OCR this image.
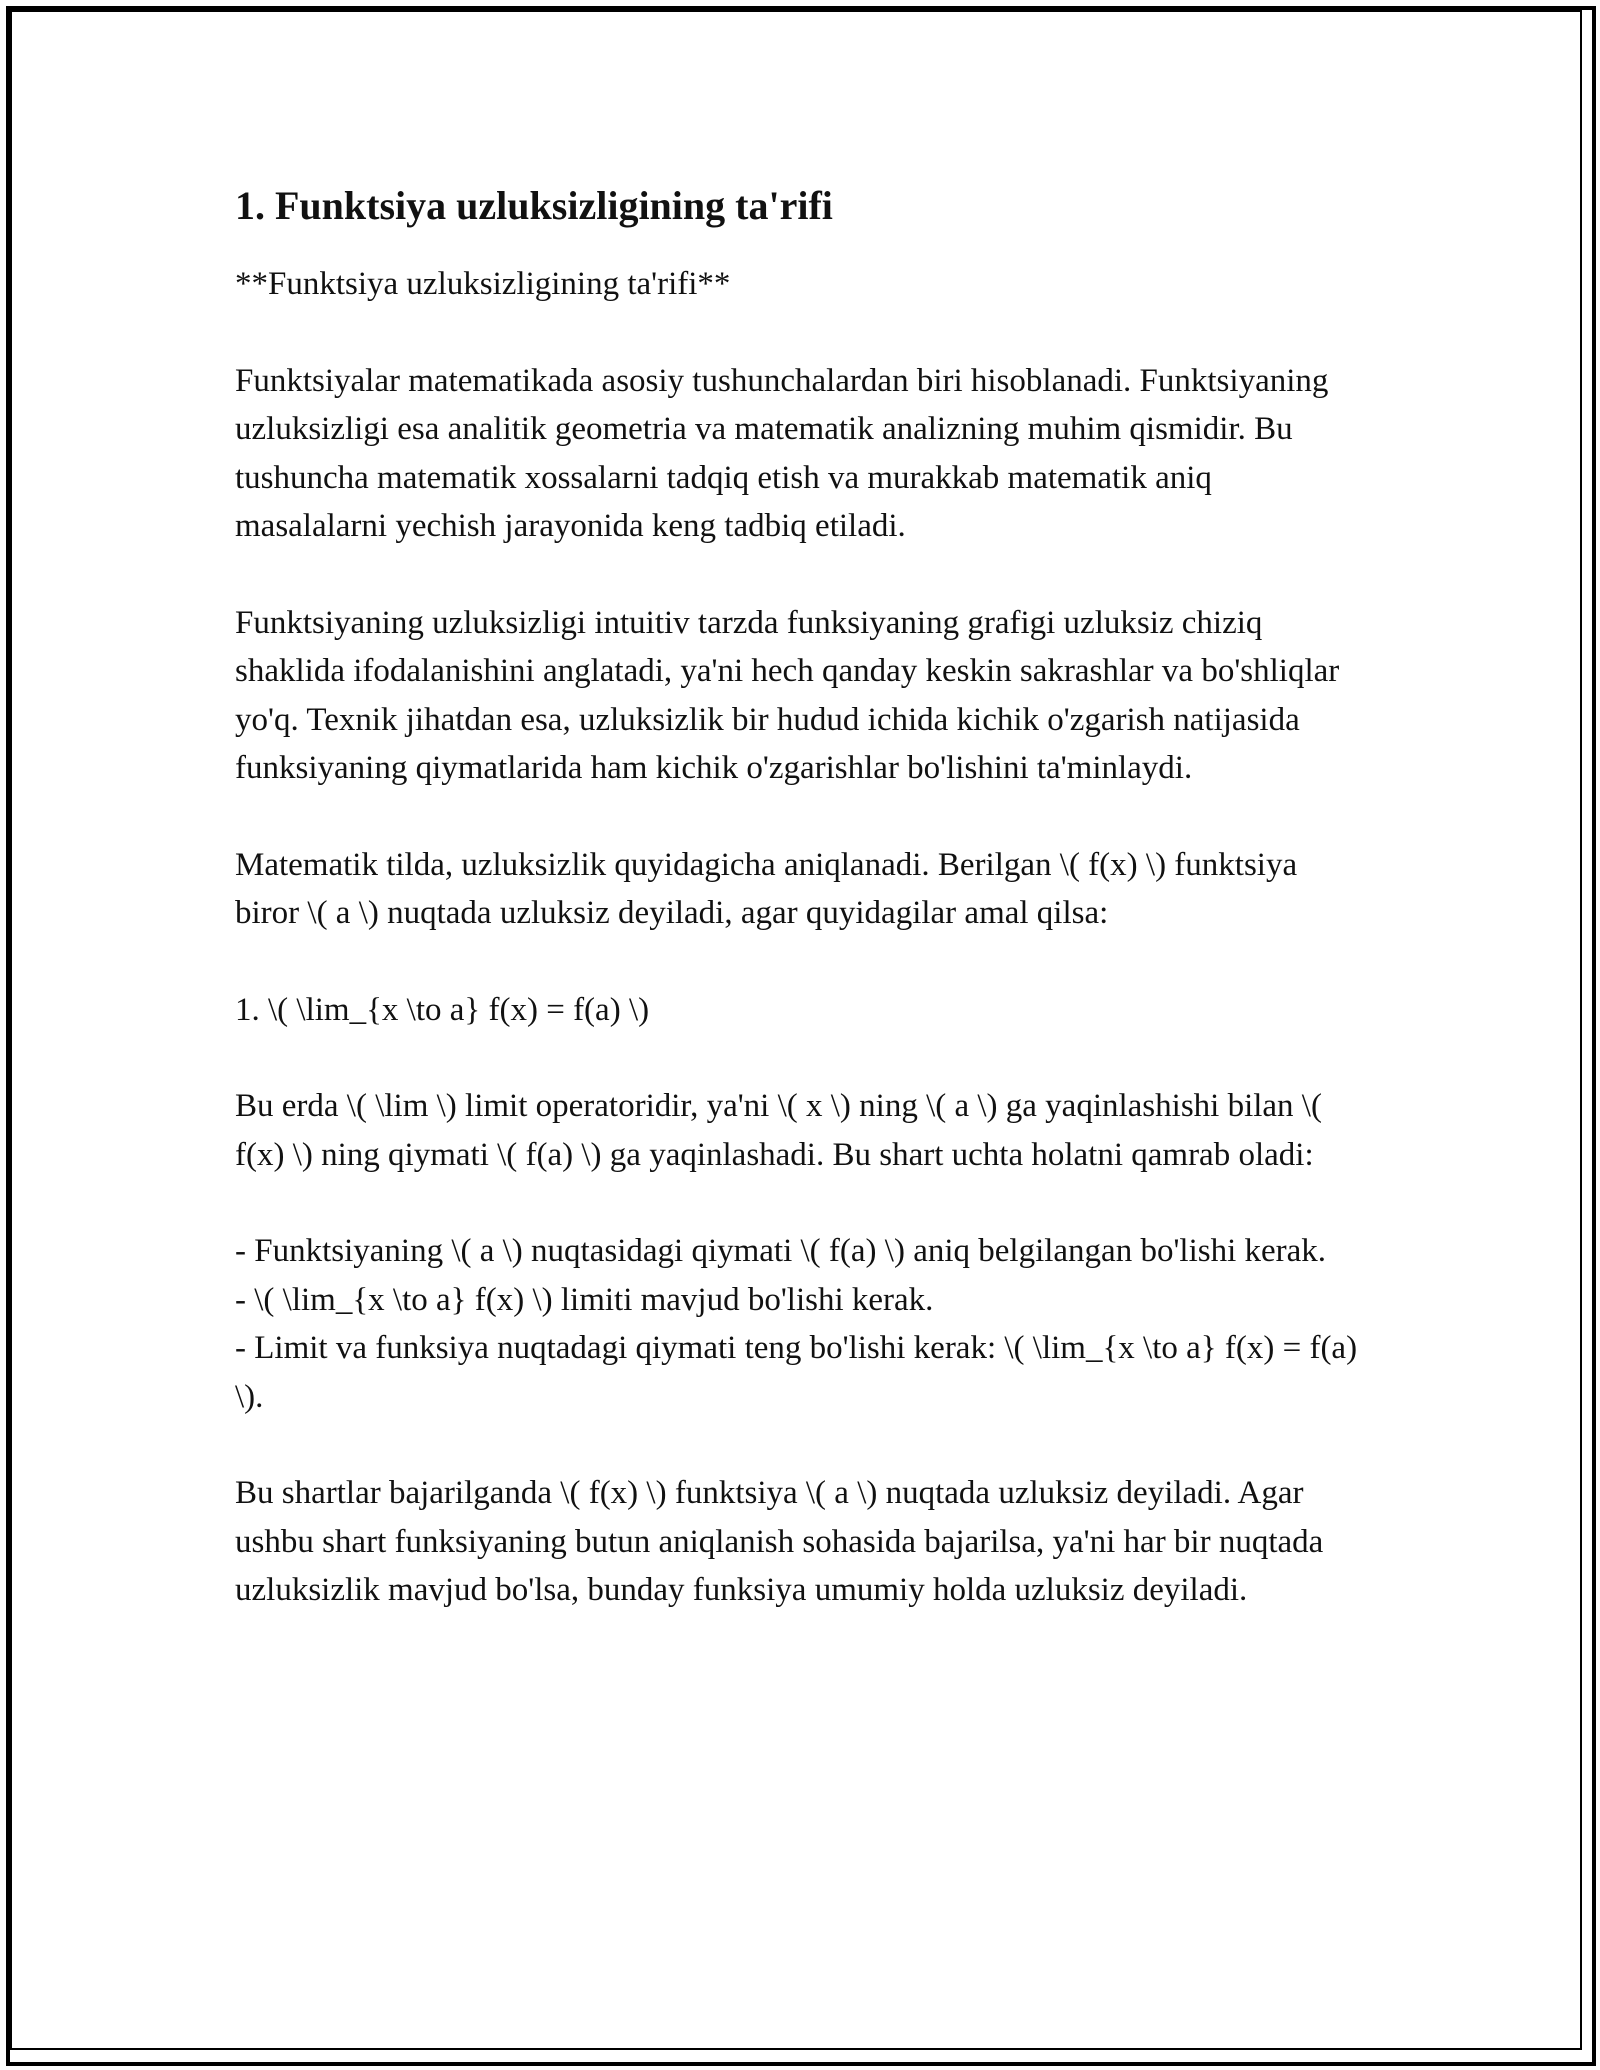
1. Funktsiya uzluksizligining ta'rifi

**Funktsiya uzluksizligining ta'rifi**

Funktsiyalar matematikada asosiy tushunchalardan biri hisoblanadi. Funktsiyaning uzluksizligi esa analitik geometria va matematik analizning muhim qismidir. Bu tushuncha matematik xossalarni tadqiq etish va murakkab matematik aniq masalalarni yechish jarayonida keng tadbiq etiladi.

Funktsiyaning uzluksizligi intuitiv tarzda funksiyaning grafigi uzluksiz chiziq shaklida ifodalanishini anglatadi, ya'ni hech qanday keskin sakrashlar va bo'shliqlar yo'q. Texnik jihatdan esa, uzluksizlik bir hudud ichida kichik o'zgarish natijasida funksiyaning qiymatlarida ham kichik o'zgarishlar bo'lishini ta'minlaydi.

Matematik tilda, uzluksizlik quyidagicha aniqlanadi. Berilgan \( f(x) \) funktsiya biror \( a \) nuqtada uzluksiz deyiladi, agar quyidagilar amal qilsa:

1. \( \lim_{x \to a} f(x) = f(a) \)

Bu erda \( \lim \) limit operatoridir, ya'ni \( x \) ning \( a \) ga yaqinlashishi bilan \( f(x) \) ning qiymati \( f(a) \) ga yaqinlashadi. Bu shart uchta holatni qamrab oladi:

- Funktsiyaning \( a \) nuqtasidagi qiymati \( f(a) \) aniq belgilangan bo'lishi kerak.

- \( \lim_{x \to a} f(x) \) limiti mavjud bo'lishi kerak.

- Limit va funksiya nuqtadagi qiymati teng bo'lishi kerak: \( \lim_{x \to a} f(x) = f(a) \).

Bu shartlar bajarilganda \( f(x) \) funktsiya \( a \) nuqtada uzluksiz deyiladi. Agar ushbu shart funksiyaning butun aniqlanish sohasida bajarilsa, ya'ni har bir nuqtada uzluksizlik mavjud bo'lsa, bunday funksiya umumiy holda uzluksiz deyiladi.
